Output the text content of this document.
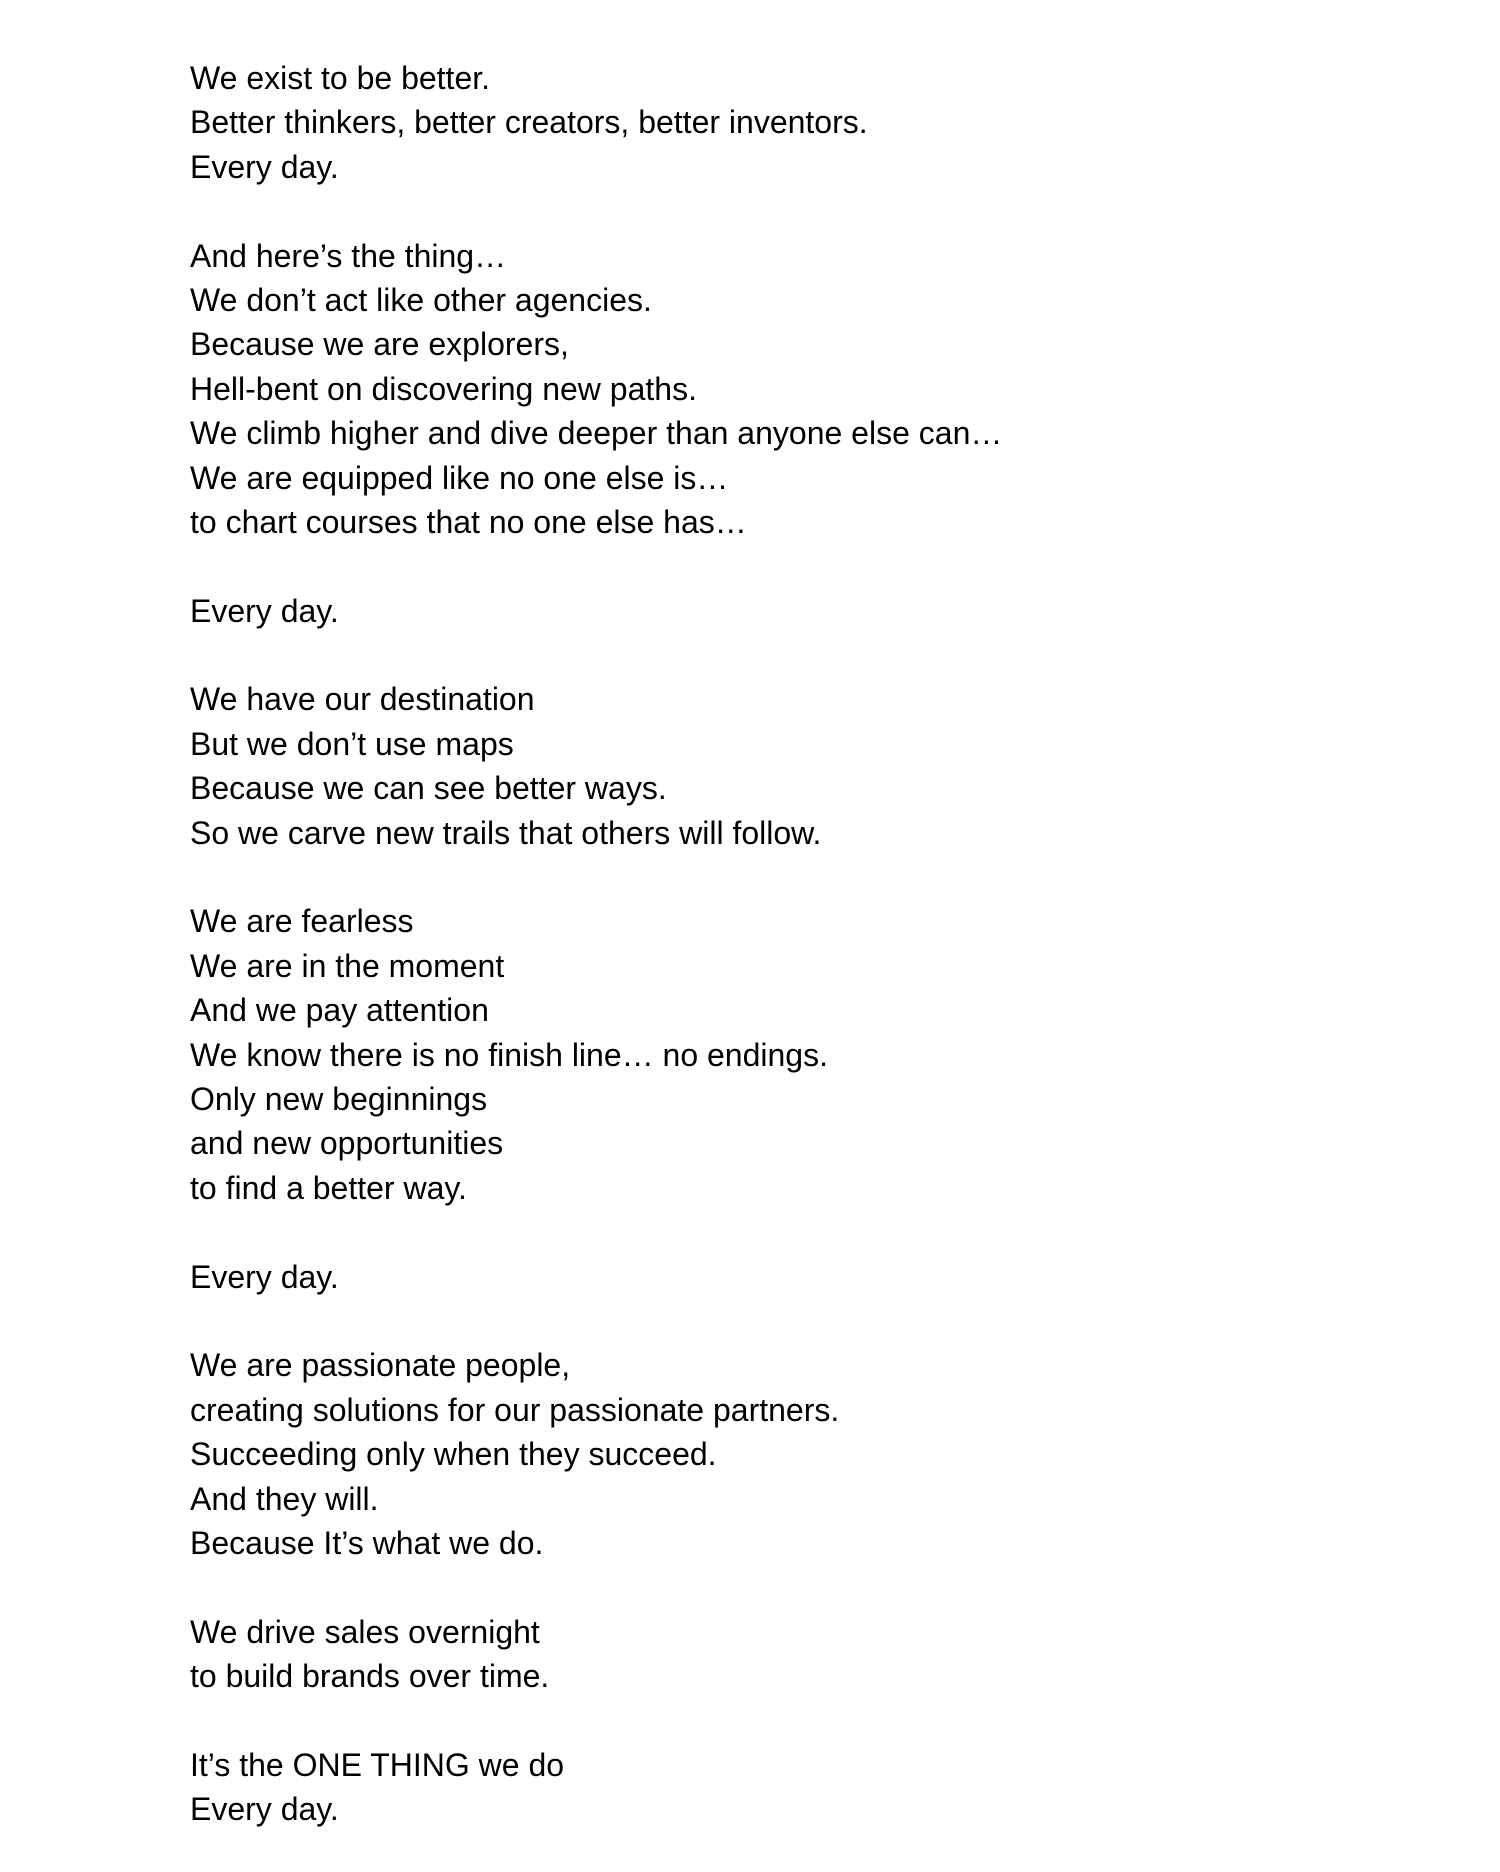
We exist to be better.
Better thinkers, better creators, better inventors.
Every day.
And here’s the thing…
We don’t act like other agencies.
Because we are explorers,
Hell-bent on discovering new paths.
We climb higher and dive deeper than anyone else can…
We are equipped like no one else is…
to chart courses that no one else has…
Every day.
We have our destination
But we don’t use maps
Because we can see better ways.
So we carve new trails that others will follow.
We are fearless
We are in the moment
And we pay attention
We know there is no finish line… no endings.
Only new beginnings
and new opportunities
to find a better way.
Every day.
We are passionate people,
creating solutions for our passionate partners.
Succeeding only when they succeed.
And they will.
Because It’s what we do.
We drive sales overnight
to build brands over time.
It’s the ONE THING we do
Every day.
